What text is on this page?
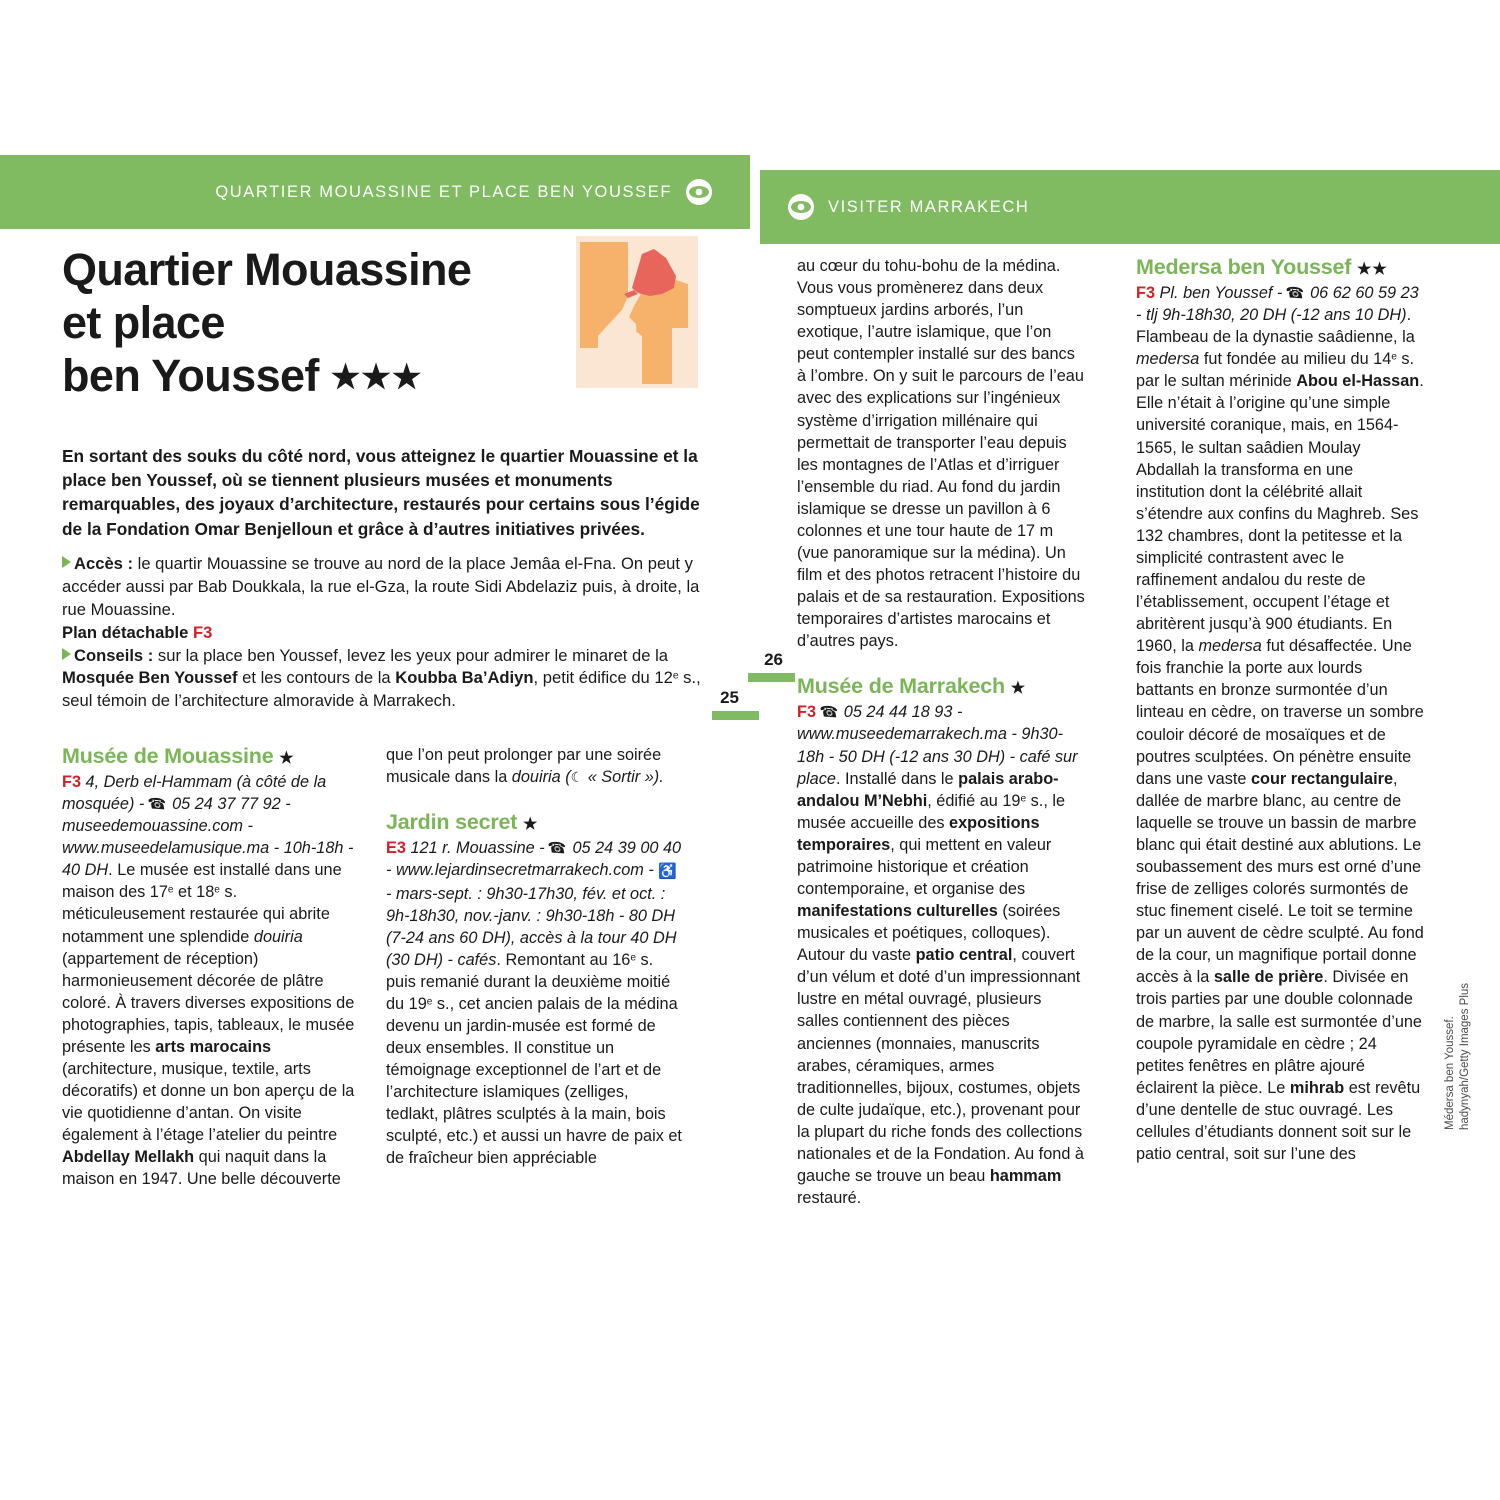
QUARTIER MOUASSINE ET PLACE BEN YOUSSEF
VISITER MARRAKECH
Quartier Mouassine
et place
ben Youssef ★★★
En sortant des souks du côté nord, vous atteignez le quartier Mouassine et la place ben Youssef, où se tiennent plusieurs musées et monuments remarquables, des joyaux d’architecture, restaurés pour certains sous l’égide de la Fondation Omar Benjelloun et grâce à d’autres initiatives privées.

Accès : le quartir Mouassine se trouve au nord de la place Jemâa el-Fna. On peut y accéder aussi par Bab Doukkala, la rue el-Gza, la route Sidi Abdelaziz puis, à droite, la rue Mouassine.

Plan détachable F3

Conseils : sur la place ben Youssef, levez les yeux pour admirer le minaret de la Mosquée Ben Youssef et les contours de la Koubba Ba’Adiyn, petit édifice du 12e s., seul témoin de l’architecture almoravide à Marrakech.

26
25
Musée de Mouassine ★
F3 4, Derb el-Hammam (à côté de la mosquée) - ☎ 05 24 37 77 92 - museedemouassine.com - www.museedelamusique.ma - 10h-18h - 40 DH. Le musée est installé dans une maison des 17e et 18e s. méticuleusement restaurée qui abrite notamment une splendide douiria (appartement de réception) harmonieusement décorée de plâtre coloré. À travers diverses expositions de photographies, tapis, tableaux, le musée présente les arts marocains (architecture, musique, textile, arts décoratifs) et donne un bon aperçu de la vie quotidienne d’antan. On visite également à l’étage l’atelier du peintre Abdellay Mellakh qui naquit dans la maison en 1947. Une belle découverte
que l’on peut prolonger par une soirée musicale dans la douiria (☾ « Sortir »).
Jardin secret ★
E3 121 r. Mouassine - ☎ 05 24 39 00 40 - www.lejardinsecretmarrakech.com - ♿ - mars-sept. : 9h30-17h30, fév. et oct. : 9h-18h30, nov.-janv. : 9h30-18h - 80 DH (7-24 ans 60 DH), accès à la tour 40 DH (30 DH) - cafés. Remontant au 16e s. puis remanié durant la deuxième moitié du 19e s., cet ancien palais de la médina devenu un jardin-musée est formé de deux ensembles. Il constitue un témoignage exceptionnel de l’art et de l’architecture islamiques (zelliges, tedlakt, plâtres sculptés à la main, bois sculpté, etc.) et aussi un havre de paix et de fraîcheur bien appréciable
au cœur du tohu-bohu de la médina. Vous vous promènerez dans deux somptueux jardins arborés, l’un exotique, l’autre islamique, que l’on peut contempler installé sur des bancs à l’ombre. On y suit le parcours de l’eau avec des explications sur l’ingénieux système d’irrigation millénaire qui permettait de transporter l’eau depuis les montagnes de l’Atlas et d’irriguer l’ensemble du riad. Au fond du jardin islamique se dresse un pavillon à 6 colonnes et une tour haute de 17 m (vue panoramique sur la médina). Un film et des photos retracent l’histoire du palais et de sa restauration. Expositions temporaires d’artistes marocains et d’autres pays.
Musée de Marrakech ★
F3 ☎ 05 24 44 18 93 - www.museedemarrakech.ma - 9h30-18h - 50 DH (-12 ans 30 DH) - café sur place. Installé dans le palais arabo-andalou M’Nebhi, édifié au 19e s., le musée accueille des expositions temporaires, qui mettent en valeur patrimoine historique et création contemporaine, et organise des manifestations culturelles (soirées musicales et poétiques, colloques). Autour du vaste patio central, couvert d’un vélum et doté d’un impressionnant lustre en métal ouvragé, plusieurs salles contiennent des pièces anciennes (monnaies, manuscrits arabes, céramiques, armes traditionnelles, bijoux, costumes, objets de culte judaïque, etc.), provenant pour la plupart du riche fonds des collections nationales et de la Fondation. Au fond à gauche se trouve un beau hammam restauré.
Medersa ben Youssef ★★
F3 Pl. ben Youssef - ☎ 06 62 60 59 23 - tlj 9h-18h30, 20 DH (-12 ans 10 DH). Flambeau de la dynastie saâdienne, la medersa fut fondée au milieu du 14e s. par le sultan mérinide Abou el-Hassan. Elle n’était à l’origine qu’une simple université coranique, mais, en 1564-1565, le sultan saâdien Moulay Abdallah la transforma en une institution dont la célébrité allait s’étendre aux confins du Maghreb. Ses 132 chambres, dont la petitesse et la simplicité contrastent avec le raffinement andalou du reste de l’établissement, occupent l’étage et abritèrent jusqu’à 900 étudiants. En 1960, la medersa fut désaffectée. Une fois franchie la porte aux lourds battants en bronze surmontée d’un linteau en cèdre, on traverse un sombre couloir décoré de mosaïques et de poutres sculptées. On pénètre ensuite dans une vaste cour rectangulaire, dallée de marbre blanc, au centre de laquelle se trouve un bassin de marbre blanc qui était destiné aux ablutions. Le soubassement des murs est orné d’une frise de zelliges colorés surmontés de stuc finement ciselé. Le toit se termine par un auvent de cèdre sculpté. Au fond de la cour, un magnifique portail donne accès à la salle de prière. Divisée en trois parties par une double colonnade de marbre, la salle est surmontée d’une coupole pyramidale en cèdre ; 24 petites fenêtres en plâtre ajouré éclairent la pièce. Le mihrab est revêtu d’une dentelle de stuc ouvragé. Les cellules d’étudiants donnent soit sur le patio central, soit sur l’une des
Médersa ben Youssef. hadynyah/Getty Images Plus
